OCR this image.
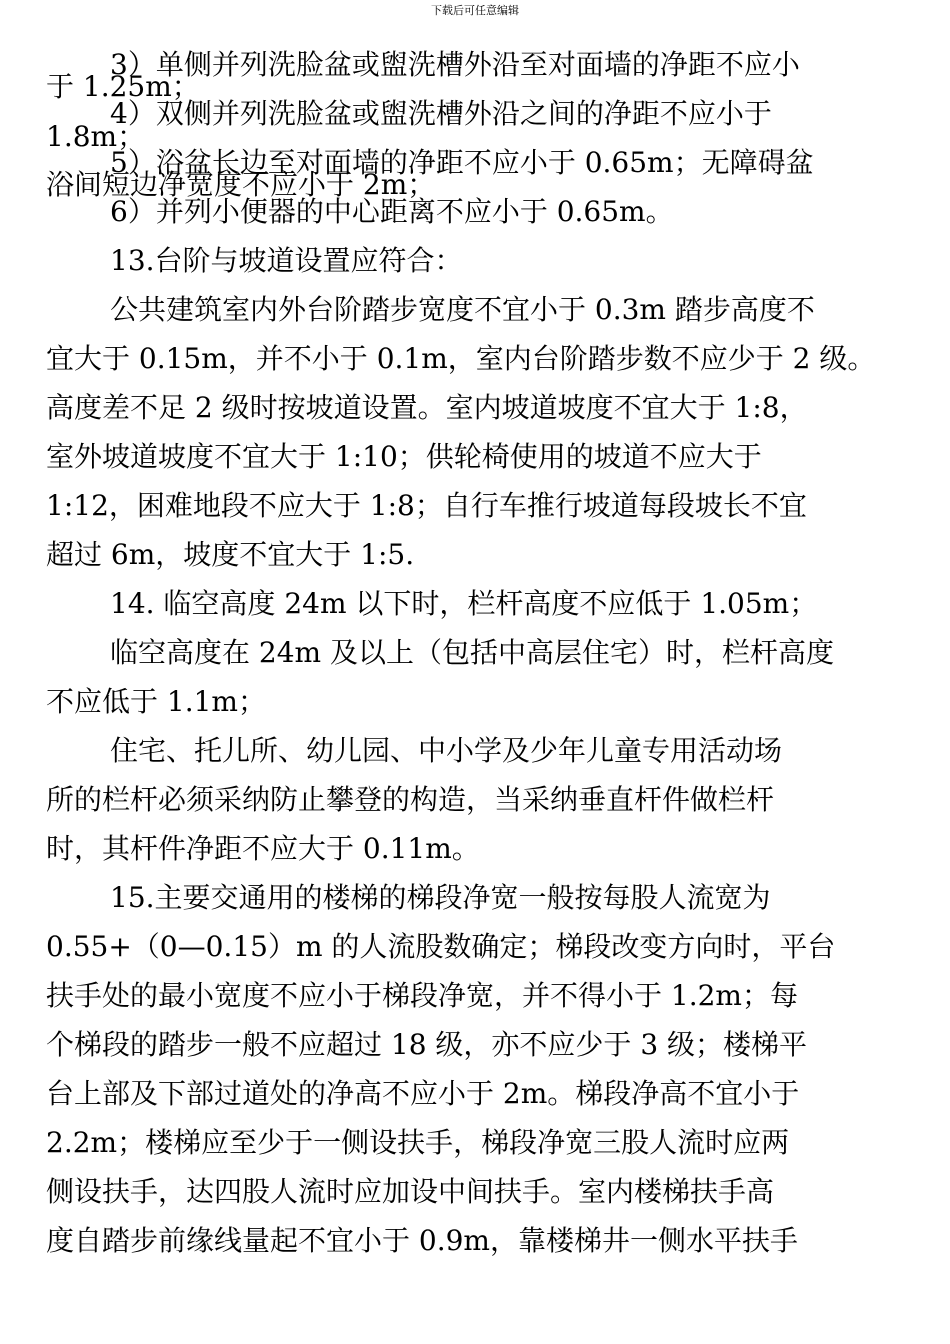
下载后可任意编辑
3）单侧并列洗脸盆或盥洗槽外沿至对面墙的净距不应小
于 1.25m；
4）双侧并列洗脸盆或盥洗槽外沿之间的净距不应小于
1.8m；
5）浴盆长边至对面墙的净距不应小于 0.65m；无障碍盆
浴间短边净宽度不应小于 2m；
6）并列小便器的中心距离不应小于 0.65m。
13.台阶与坡道设置应符合：
公共建筑室内外台阶踏步宽度不宜小于 0.3m 踏步高度不
宜大于 0.15m，并不小于 0.1m，室内台阶踏步数不应少于 2 级。
高度差不足 2 级时按坡道设置。室内坡道坡度不宜大于 1:8，
室外坡道坡度不宜大于 1:10；供轮椅使用的坡道不应大于
1:12，困难地段不应大于 1:8；自行车推行坡道每段坡长不宜
超过 6m，坡度不宜大于 1:5.
14. 临空高度 24m 以下时，栏杆高度不应低于 1.05m；
临空高度在 24m 及以上（包括中高层住宅）时，栏杆高度
不应低于 1.1m；
住宅、托儿所、幼儿园、中小学及少年儿童专用活动场
所的栏杆必须采纳防止攀登的构造，当采纳垂直杆件做栏杆
时，其杆件净距不应大于 0.11m。
15.主要交通用的楼梯的梯段净宽一般按每股人流宽为
0.55+（0—0.15）m 的人流股数确定；梯段改变方向时，平台
扶手处的最小宽度不应小于梯段净宽，并不得小于 1.2m；每
个梯段的踏步一般不应超过 18 级，亦不应少于 3 级；楼梯平
台上部及下部过道处的净高不应小于 2m。梯段净高不宜小于
2.2m；楼梯应至少于一侧设扶手，梯段净宽三股人流时应两
侧设扶手，达四股人流时应加设中间扶手。室内楼梯扶手高
度自踏步前缘线量起不宜小于 0.9m，靠楼梯井一侧水平扶手
